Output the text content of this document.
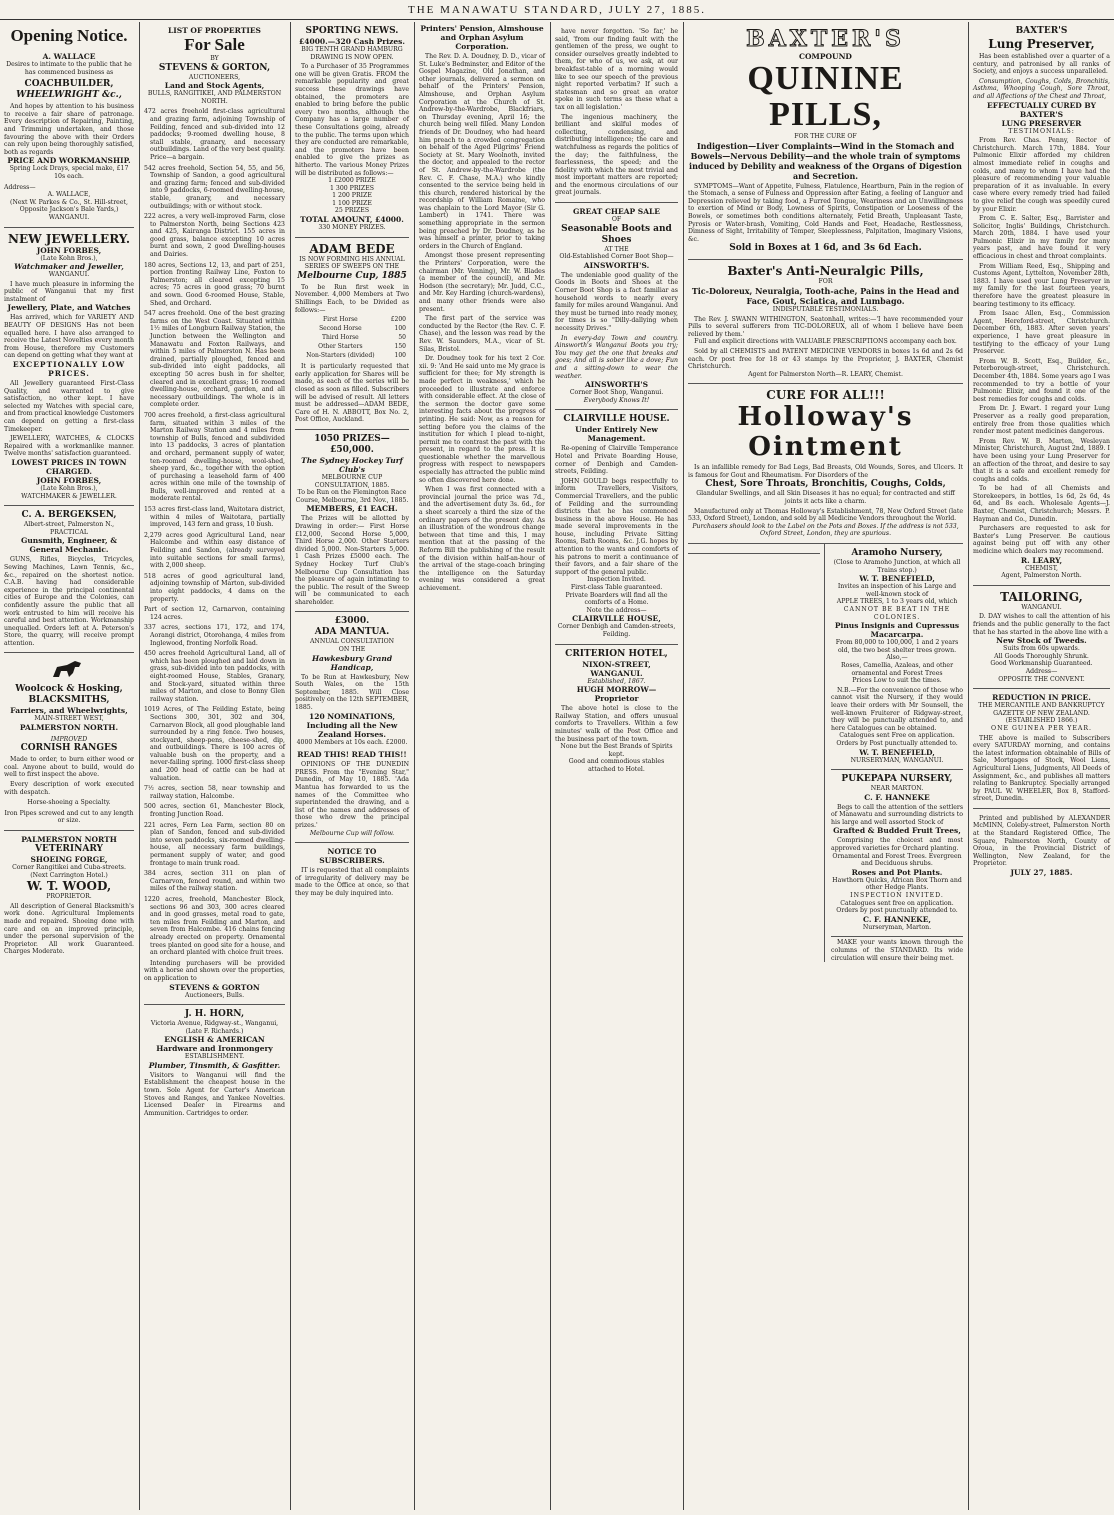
THE MANAWATU STANDARD, JULY 27, 1885.
Opening Notice.
A. WALLACE
Desires to intimate to the public that he has commenced business as
COACHBUILDER,
WHEELWRIGHT &c.,

And hopes by attention to his business to receive a fair share of patronage. Every description of Repairing, Painting, and Trimming undertaken, and those favouring the above with their Orders can rely upon being thoroughly satisfied, both as regards

PRICE AND WORKMANSHIP.
Spring Lock Drays, special make, £17 10s each.
Address—
A. WALLACE,
(Next W. Parkes & Co., St. Hill-street, Opposite Jackson's Bale Yards,) WANGANUI.
NEW JEWELLERY.
JOHN FORBES,
(Late Kohn Bros.),
Watchmaker and Jeweller,
WANGANUI.

I have much pleasure in informing the public of Wanganui that my first instalment of

Jewellery, Plate, and Watches

Has arrived, which for VARIETY AND BEAUTY OF DESIGNS Has not been equalled here. I have also arranged to receive the Latest Novelties every month from House, therefore my Customers can depend on getting what they want at

EXCEPTIONALLY LOW PRICES.

All Jewellery guaranteed First-Class Quality, and warranted to give satisfaction, no other kept. I have selected my Watches with special care, and from practical knowledge Customers can depend on getting a first-class Timekeeper.

JEWELLERY, WATCHES, & CLOCKS Repaired with a workmanlike manner. Twelve months' satisfaction guaranteed.

LOWEST PRICES IN TOWN CHARGED.
JOHN FORBES,
(Late Kohn Bros.),
WATCHMAKER & JEWELLER.
C. A. BERGEKSEN,
Albert-street, Palmerston N., PRACTICAL
Gunsmith, Engineer, & General Mechanic.

GUNS, Rifles, Bicycles, Tricycles, Sewing Machines, Lawn Tennis, &c., &c., repaired on the shortest notice. C.A.B. having had considerable experience in the principal continental cities of Europe and the Colonies, can confidently assure the public that all work entrusted to him will receive his careful and best attention. Workmanship unequalled. Orders left at A. Peterson's Store, the quarry, will receive prompt attention.

Woolcock & Hosking,
BLACKSMITHS,
Farriers, and Wheelwrights,
MAIN-STREET WEST,
PALMERSTON NORTH.
IMPROVED
CORNISH RANGES

Made to order, to burn either wood or coal. Anyone about to build, would do well to first inspect the above.

Every description of work executed with despatch.

Horse-shoeing a Specialty.
Iron Pipes screwed and cut to any length or size.
PALMERSTON NORTH
VETERINARY
SHOEING FORGE,
Corner Rangitikei and Cuba-streets. (Next Carrington Hotel.)
W. T. WOOD,
PROPRIETOR.

All description of General Blacksmith's work done. Agricultural Implements made and repaired. Shoeing done with care and on an improved principle, under the personal supervision of the Proprietor. All work Guaranteed. Charges Moderate.

LIST OF PROPERTIES
For Sale
BY
STEVENS & GORTON,
AUCTIONEERS,
Land and Stock Agents,
BULLS, RANGITIKEI, AND PALMERSTON NORTH.
472 acres freehold first-class agricultural and grazing farm, adjoining Township of Feilding, fenced and sub-divided into 12 paddocks; 9-roomed dwelling house, 8 stall stable, granary, and necessary outbuildings. Land of the very best quality. Price—a bargain.
542 acres freehold, Section 54, 55, and 56, Township of Sandon, a good agricultural and grazing farm; fenced and sub-divided into 9 paddocks, 6-roomed dwelling-house, stable, granary, and necessary outbuildings; with or without stock.
222 acres, a very well-improved Farm, close to Palmerston North, being Sections 423 and 425, Kairanga District. 155 acres in good grass, balance excepting 10 acres burnt and sown, 2 good Dwelling-houses and Dairies.
180 acres, Sections 12, 13, and part of 251, portion fronting Railway Line, Foxton to Palmerston; all cleared excepting 15 acres; 75 acres in good grass; 70 burnt and sown. Good 6-roomed House, Stable, Shed, and Orchard.
547 acres freehold. One of the best grazing farms on the West Coast. Situated within 1½ miles of Longburn Railway Station, the Junction between the Wellington and Manawatu and Foxton Railways, and within 5 miles of Palmerston N. Has been drained, partially ploughed, fenced and sub-divided into eight paddocks, all excepting 50 acres bush in for shelter, cleared and in excellent grass; 16 roomed dwelling-house, orchard, garden, and all necessary outbuildings. The whole is in complete order.
700 acres freehold, a first-class agricultural farm, situated within 3 miles of the Marton Railway Station and 4 miles from township of Bulls, fenced and subdivided into 13 paddocks, 3 acres of plantation and orchard, permanent supply of water, ten-roomed dwelling-house, wool-shed, sheep yard, &c., together with the option of purchasing a leasehold farm of 400 acres within one mile of the township of Bulls, well-improved and rented at a moderate rental.
153 acres first-class land, Waitotara district, within 4 miles of Waitotara, partially improved, 143 fern and grass, 10 bush.
2,279 acres good Agricultural Land, near Halcombe and within easy distance of Feilding and Sandon, (already surveyed into suitable sections for small farms), with 2,000 sheep.
518 acres of good agricultural land, adjoining township of Marton, sub-divided into eight paddocks, 4 dams on the property.
Part of section 12, Carnarvon, containing 124 acres.
337 acres, sections 171, 172, and 174, Aorangi district, Otorohanga, 4 miles from Inglewood, fronting Norfolk Road.
450 acres freehold Agricultural Land, all of which has been ploughed and laid down in grass, sub-divided into ten paddocks, with eight-roomed House, Stables, Granary, and Stock-yard, situated within three miles of Marton, and close to Bonny Glen railway station.
1019 Acres, of The Feilding Estate, being Sections 300, 301, 302 and 304, Carnarvon Block, all good ploughable land surrounded by a ring fence. Two houses, stockyard, sheep-pens, cheese-shed, dip, and outbuildings. There is 100 acres of valuable bush on the property, and a never-failing spring. 1000 first-class sheep and 200 head of cattle can be had at valuation.
7½ acres, section 58, near township and railway station, Halcombe.
500 acres, section 61, Manchester Block, fronting Junction Road.
221 acres, Fern Lea Farm, section 80 on plan of Sandon, fenced and sub-divided into seven paddocks, six-roomed dwelling-house, all necessary farm buildings, permanent supply of water, and good frontage to main trunk road.
384 acres, section 311 on plan of Carnarvon, fenced round, and within two miles of the railway station.
1220 acres, freehold, Manchester Block, sections 96 and 303, 300 acres cleared and in good grasses, metal road to gate, ten miles from Feilding and Marton, and seven from Halcombe. 416 chains fencing already erected on property. Ornamental trees planted on good site for a house, and an orchard planted with choice fruit trees.

Intending purchasers will be provided with a horse and shown over the properties, on application to

STEVENS & GORTON
Auctioneers, Bulls.
J. H. HORN,
Victoria Avenue, Ridgway-st., Wanganui, (Late F. Richards.)
ENGLISH & AMERICAN
Hardware and Ironmongery
ESTABLISHMENT.
Plumber, Tinsmith, & Gasfitter.

Visitors to Wanganui will find the Establishment the cheapest house in the town. Sole Agent for Carter's American Stoves and Ranges, and Yankee Novelties. Licensed Dealer in Firearms and Ammunition. Cartridges to order.

SPORTING NEWS.
£4000.—320 Cash Prizes.
BIG TENTH GRAND HAMBURG DRAWING IS NOW OPEN.

To a Purchaser of 35 Programmes one will be given Gratis. FROM the remarkable popularity and great success these drawings have obtained, the promoters are enabled to bring before the public every two months, although the Company has a large number of these Consultations going, already to the public. The terms upon which they are conducted are remarkable, and the promoters have been enabled to give the prizes as hitherto. The various Money Prizes will be distributed as follows:—

1 £2000 PRIZE
1 300 PRIZES
1 200 PRIZE
1 100 PRIZE
25 PRIZES
TOTAL AMOUNT, £4000.
330 MONEY PRIZES.
ADAM BEDE
IS NOW FORMING HIS ANNUAL SERIES OF SWEEPS ON THE
Melbourne Cup, 1885

To be Run first week in November. 4,000 Members at Two Shillings Each, to be Divided as follows:—

First Horse	£200
Second Horse	100
Third Horse	50
Other Starters	150
Non-Starters (divided)	100

It is particularly requested that early application for Shares will be made, as each of the series will be closed as soon as filled. Subscribers will be advised of result. All letters must be addressed—ADAM BEDE, Care of H. N. ABBOTT, Box No. 2, Post Office, Auckland.

1050 PRIZES—£50,000.
The Sydney Hockey Turf Club's
MELBOURNE CUP CONSULTATION, 1885.
To be Run on the Flemington Race Course, Melbourne, 3rd Nov., 1885.
MEMBERS, £1 EACH.

The Prizes will be allotted by Drawing in order:— First Horse £12,000, Second Horse 5,000, Third Horse 2,000. Other Starters divided 5,000. Non-Starters 5,000. 1 Cash Prizes £5000 each. The Sydney Hockey Turf Club's Melbourne Cup Consultation has the pleasure of again intimating to the public. The result of the Sweep will be communicated to each shareholder.

£3000.
ADA MANTUA.
ANNUAL CONSULTATION
ON THE
Hawkesbury Grand Handicap,

To be Run at Hawkesbury, New South Wales, on the 15th September, 1885. Will Close positively on the 12th SEPTEMBER, 1885.

120 NOMINATIONS, Including all the New Zealand Horses.
4000 Members at 10s each. £2000.
READ THIS! READ THIS!!

OPINIONS OF THE DUNEDIN PRESS. From the "Evening Star," Dunedin, of May 10, 1885. 'Ada Mantua has forwarded to us the names of the Committee who superintended the drawing, and a list of the names and addresses of those who drew the principal prizes.'

Melbourne Cup will follow.
NOTICE TO SUBSCRIBERS.

IT is requested that all complaints of irregularity of delivery may be made to the Office at once, so that they may be duly inquired into.

Printers' Pension, Almshouse and Orphan Asylum Corporation.

The Rev. D. A. Doudney, D. D., vicar of St. Luke's Bedminster, and Editor of the Gospel Magazine, Old Jonathan, and other journals, delivered a sermon on behalf of the Printers' Pension, Almshouse, and Orphan Asylum Corporation at the Church of St. Andrew-by-the-Wardrobe, Blackfriars, on Thursday evening, April 16; the church being well filled. Many London friends of Dr. Doudney, who had heard him preach to a crowded congregation on behalf of the Aged Pilgrims' Friend Society at St. Mary Woolnoth, invited the doctor, and appealed to the rector of St. Andrew-by-the-Wardrobe (the Rev. C. F. Chase, M.A.) who kindly consented to the service being held in this church, rendered historical by the recordship of William Romaine, who was chaplain to the Lord Mayor (Sir G. Lambert) in 1741. There was something appropriate in the sermon being preached by Dr. Doudney, as he was himself a printer, prior to taking orders in the Church of England.

Amongst those present representing the Printers' Corporation, were the chairman (Mr. Venning), Mr. W. Blades (a member of the council), and Mr. Hodson (the secretary); Mr. Judd, C.C., and Mr. Key Harding (church-wardens), and many other friends were also present.

The first part of the service was conducted by the Rector (the Rev. C. F. Chase), and the lesson was read by the Rev. W. Saunders, M.A., vicar of St. Silas, Bristol.

Dr. Doudney took for his text 2 Cor. xii. 9: 'And He said unto me My grace is sufficient for thee; for My strength is made perfect in weakness,' which he proceeded to illustrate and enforce with considerable effect. At the close of the sermon the doctor gave some interesting facts about the progress of printing. He said: Now, as a reason for setting before you the claims of the institution for which I plead to-night, permit me to contrast the past with the present, in regard to the press. It is questionable whether the marvellous progress with respect to newspapers especially has attracted the public mind so often discovered here done.

When I was first connected with a provincial journal the price was 7d., and the advertisement duty 3s. 6d., for a sheet scarcely a third the size of the ordinary papers of the present day. As an illustration of the wondrous change between that time and this, I may mention that at the passing of the Reform Bill the publishing of the result of the division within half-an-hour of the arrival of the stage-coach bringing the intelligence on the Saturday evening was considered a great achievement.

have never forgotten. 'So far,' he said, 'from our finding fault with the gentlemen of the press, we ought to consider ourselves greatly indebted to them, for who of us, we ask, at our breakfast-table of a morning would like to see our speech of the previous night reported verbatim? If such a statesman and so great an orator spoke in such terms as these what a tax on all legislation.'

The ingenious machinery, the brilliant and skilful modes of collecting, condensing, and distributing intelligence; the care and watchfulness as regards the politics of the day; the faithfulness, the fearlessness, the speed; and the fidelity with which the most trivial and most important matters are reported; and the enormous circulations of our great journals.

GREAT CHEAP SALE
OF
Seasonable Boots and Shoes
AT THE
Old-Established Corner Boot Shop—
AINSWORTH'S.

The undeniable good quality of the Goods in Boots and Shoes at the Corner Boot Shop is a fact familiar as household words to nearly every family for miles around Wanganui. And they must be turned into ready money, for times is so "Dilly-dallying when necessity Drives."

In every-day Town and country. Ainsworth's Wanganui Boots you try; You may get the one that breaks and goes; And all is sober like a dove; Fun and a sitting-down to wear the weather.

AINSWORTH'S
Corner Boot Shop, Wanganui.
Everybody Knows It!
CLAIRVILLE HOUSE.
Under Entirely New Management.

Re-opening of Clairville Temperance Hotel and Private Boarding House, corner of Denbigh and Camden-streets, Feilding.

JOHN GOULD begs respectfully to inform Travellers, Visitors, Commercial Travellers, and the public of Feilding and the surrounding districts that he has commenced business in the above House. He has made several improvements in the house, including Private Sitting Rooms, Bath Rooms, &c. J.G. hopes by attention to the wants and comforts of his patrons to merit a continuance of their favors, and a fair share of the support of the general public.

Inspection Invited.
First-class Table guaranteed.
Private Boarders will find all the comforts of a Home.
Note the address—
CLAIRVILLE HOUSE,
Corner Denbigh and Camden-streets, Feilding.
CRITERION HOTEL,
NIXON-STREET, WANGANUI.
Established, 1867.
HUGH MORROW—Proprietor

The above hotel is close to the Railway Station, and offers unusual comforts to Travellers. Within a few minutes' walk of the Post Office and the business part of the town.

None but the Best Brands of Spirits kept.
Good and commodious stables attached to Hotel.
BAXTER'S
COMPOUND
QUININE PILLS,
FOR THE CURE OF
Indigestion—Liver Complaints—Wind in the Stomach and Bowels—Nervous Debility—and the whole train of symptoms induced by Debility and weakness of the Organs of Digestion and Secretion.

SYMPTOMS—Want of Appetite, Fulness, Flatulence, Heartburn, Pain in the region of the Stomach, a sense of Fulness and Oppression after Eating, a feeling of Languor and Depression relieved by taking food, a Furred Tongue, Weariness and an Unwillingness to exertion of Mind or Body, Lowness of Spirits, Constipation or Looseness of the Bowels, or sometimes both conditions alternately, Fetid Breath, Unpleasant Taste, Pyrosis or Water-brash, Vomiting, Cold Hands and Feet, Headache, Restlessness, Dimness of Sight, Irritability of Temper, Sleeplessness, Palpitation, Imaginary Visions, &c.

Sold in Boxes at 1 6d, and 3s 6d Each.
Baxter's Anti-Neuralgic Pills,
FOR
Tic-Doloreux, Neuralgia, Tooth-ache, Pains in the Head and Face, Gout, Sciatica, and Lumbago.
INDISPUTABLE TESTIMONIALS.

The Rev. J. SWANN WITHINGTON, Seatonhall, writes:—'I have recommended your Pills to several sufferers from TIC-DOLOREUX, all of whom I believe have been relieved by them.'

Full and explicit directions with VALUABLE PRESCRIPTIONS accompany each box.

Sold by all CHEMISTS and PATENT MEDICINE VENDORS in boxes 1s 6d and 2s 6d each. Or post free for 18 or 43 stamps by the Proprietor, J. BAXTER, Chemist Christchurch.

Agent for Palmerston North—R. LEARY, Chemist.
CURE FOR ALL!!!
Holloway's Ointment

Is an infallible remedy for Bad Legs, Bad Breasts, Old Wounds, Sores, and Ulcers. It is famous for Gout and Rheumatism. For Disorders of the

Chest, Sore Throats, Bronchitis, Coughs, Colds,
Glandular Swellings, and all Skin Diseases it has no equal; for contracted and stiff joints it acts like a charm.

Manufactured only at Thomas Holloway's Establishment, 78, New Oxford Street (late 533, Oxford Street), London, and sold by all Medicine Vendors throughout the World.

Purchasers should look to the Label on the Pots and Boxes. If the address is not 533, Oxford Street, London, they are spurious.
Aramoho Nursery,
(Close to Aramoho Junction, at which all Trains stop.)
W. T. BENEFIELD,
Invites an inspection of his Large and well-known stock of
APPLE TREES, 1 to 3 years old, which
CANNOT BE BEAT IN THE COLONIES.
Pinus Insignis and Cupressus Macarcarpa.
From 80,000 to 100,000, 1 and 2 years old, the two best shelter trees grown.
Also,—
Roses, Camellia, Azaleas, and other ornamental and Forest Trees
Prices Low to suit the times.

N.B.—For the convenience of those who cannot visit the Nursery, if they would leave their orders with Mr Sounsell, the well-known Fruiterer of Ridgway-street, they will be punctually attended to, and here Catalogues can be obtained.

Catalogues sent Free on application.
Orders by Post punctually attended to.
W. T. BENEFIELD,
NURSERYMAN, WANGANUI.
PUKEPAPA NURSERY,
NEAR MARTON.
C. F. HANNEKE

Begs to call the attention of the settlers of Manawatu and surrounding districts to his large and well assorted Stock of

Grafted & Budded Fruit Trees,

Comprising the choicest and most approved varieties for Orchard planting.

Ornamental and Forest Trees. Evergreen and Deciduous shrubs.
Roses and Pot Plants.
Hawthorn Quicks, African Box Thorn and other Hedge Plants.
INSPECTION INVITED.
Catalogues sent free on application.
Orders by post punctually attended to.
C. F. HANNEKE,
Nurseryman, Marton.

MAKE your wants known through the columns of the STANDARD. Its wide circulation will ensure their being met.

BAXTER'S
Lung Preserver,

Has been established over a quarter of a century, and patronised by all ranks of Society, and enjoys a success unparalleled.

Consumption, Coughs, Colds, Bronchitis, Asthma, Whooping Cough, Sore Throat, and all Affections of the Chest and Throat,

EFFECTUALLY CURED BY
BAXTER'S
LUNG PRESERVER
TESTIMONIALS:

From Rev. Chas. Penny, Rector of Christchurch. March 17th, 1884. Your Pulmonic Elixir afforded my children almost immediate relief in coughs and colds, and many to whom I have had the pleasure of recommending your valuable preparation of it as invaluable. In every case where every remedy tried had failed to give relief the cough was speedily cured by your Elixir.

From C. E. Salter, Esq., Barrister and Solicitor, Inglis' Buildings, Christchurch. March 20th, 1884. I have used your Pulmonic Elixir in my family for many years past, and have found it very efficacious in chest and throat complaints.

From William Reed, Esq., Shipping and Customs Agent, Lyttelton, November 28th, 1883. I have used your Lung Preserver in my family for the last fourteen years, therefore have the greatest pleasure in bearing testimony to its efficacy.

From Isaac Allen, Esq., Commission Agent, Hereford-street, Christchurch. December 6th, 1883. After seven years' experience, I have great pleasure in testifying to the efficacy of your Lung Preserver.

From W. B. Scott, Esq., Builder, &c., Peterborough-street, Christchurch. December 4th, 1884. Some years ago I was recommended to try a bottle of your Pulmonic Elixir, and found it one of the best remedies for coughs and colds.

From Dr. J. Ewart. I regard your Lung Preserver as a really good preparation, entirely free from those qualities which render most patent medicines dangerous.

From Rev. W. B. Marten, Wesleyan Minister, Christchurch, August 2nd, 1889. I have been using your Lung Preserver for an affection of the throat, and desire to say that it is a safe and excellent remedy for coughs and colds.

To be had of all Chemists and Storekeepers, in bottles, 1s 6d, 2s 6d, 4s 6d, and 8s each. Wholesale Agents—J. Baxter, Chemist, Christchurch; Messrs. P. Hayman and Co., Dunedin.

Purchasers are requested to ask for Baxter's Lung Preserver. Be cautious against being put off with any other medicine which dealers may recommend.

R. LEARY,
CHEMIST,
Agent, Palmerston North.
TAILORING,
WANGANUI.

D. DAY wishes to call the attention of his friends and the public generally to the fact that he has started in the above line with a

New Stock of Tweeds.
Suits from 60s upwards.
All Goods Thoroughly Shrunk.
Good Workmanship Guaranteed.
Address—
OPPOSITE THE CONVENT.
REDUCTION IN PRICE.
THE MERCANTILE AND BANKRUPTCY GAZETTE OF NEW ZEALAND.
(ESTABLISHED 1866.)
ONE GUINEA PER YEAR.

THE above is mailed to Subscribers every SATURDAY morning, and contains the latest information obtainable of Bills of Sale, Mortgages of Stock, Wool Liens, Agricultural Liens, Judgments, All Deeds of Assignment, &c., and publishes all matters relating to Bankruptcy. Specially arranged by PAUL W. WHEELER, Box 8, Stafford-street, Dunedin.

Printed and published by ALEXANDER McMINN, Coleby-street, Palmerston North at the Standard Registered Office, The Square, Palmerston North, County of Oroua, in the Provincial District of Wellington, New Zealand, for the Proprietor.

JULY 27, 1885.
